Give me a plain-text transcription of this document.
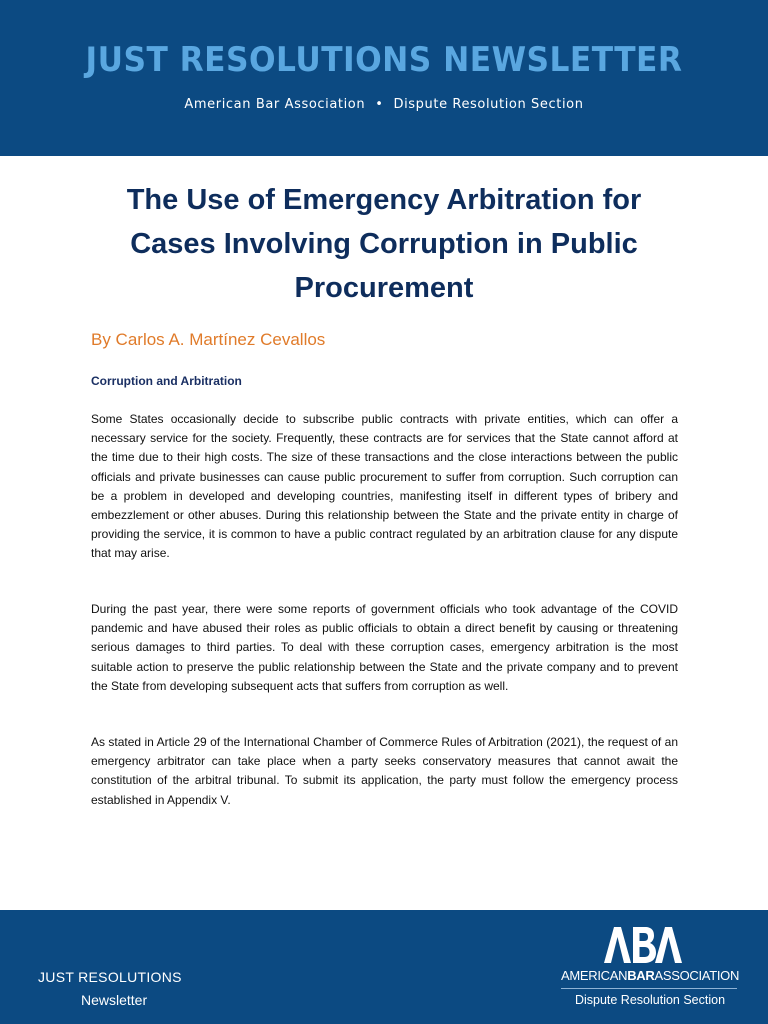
JUST RESOLUTIONS NEWSLETTER
American Bar Association • Dispute Resolution Section
The Use of Emergency Arbitration for Cases Involving Corruption in Public Procurement
By Carlos A. Martínez Cevallos
Corruption and Arbitration

Some States occasionally decide to subscribe public contracts with private entities, which can offer a necessary service for the society. Frequently, these contracts are for services that the State cannot afford at the time due to their high costs. The size of these transactions and the close interactions between the public officials and private businesses can cause public procurement to suffer from corruption. Such corruption can be a problem in developed and developing countries, manifesting itself in different types of bribery and embezzlement or other abuses. During this relationship between the State and the private entity in charge of providing the service, it is common to have a public contract regulated by an arbitration clause for any dispute that may arise.

During the past year, there were some reports of government officials who took advantage of the COVID pandemic and have abused their roles as public officials to obtain a direct benefit by causing or threatening serious damages to third parties. To deal with these corruption cases, emergency arbitration is the most suitable action to preserve the public relationship between the State and the private company and to prevent the State from developing subsequent acts that suffers from corruption as well.

As stated in Article 29 of the International Chamber of Commerce Rules of Arbitration (2021), the request of an emergency arbitrator can take place when a party seeks conservatory measures that cannot await the constitution of the arbitral tribunal. To submit its application, the party must follow the emergency process established in Appendix V.

JUST RESOLUTIONS
Newsletter
ABA
AMERICANBARASSOCIATION
Dispute Resolution Section
